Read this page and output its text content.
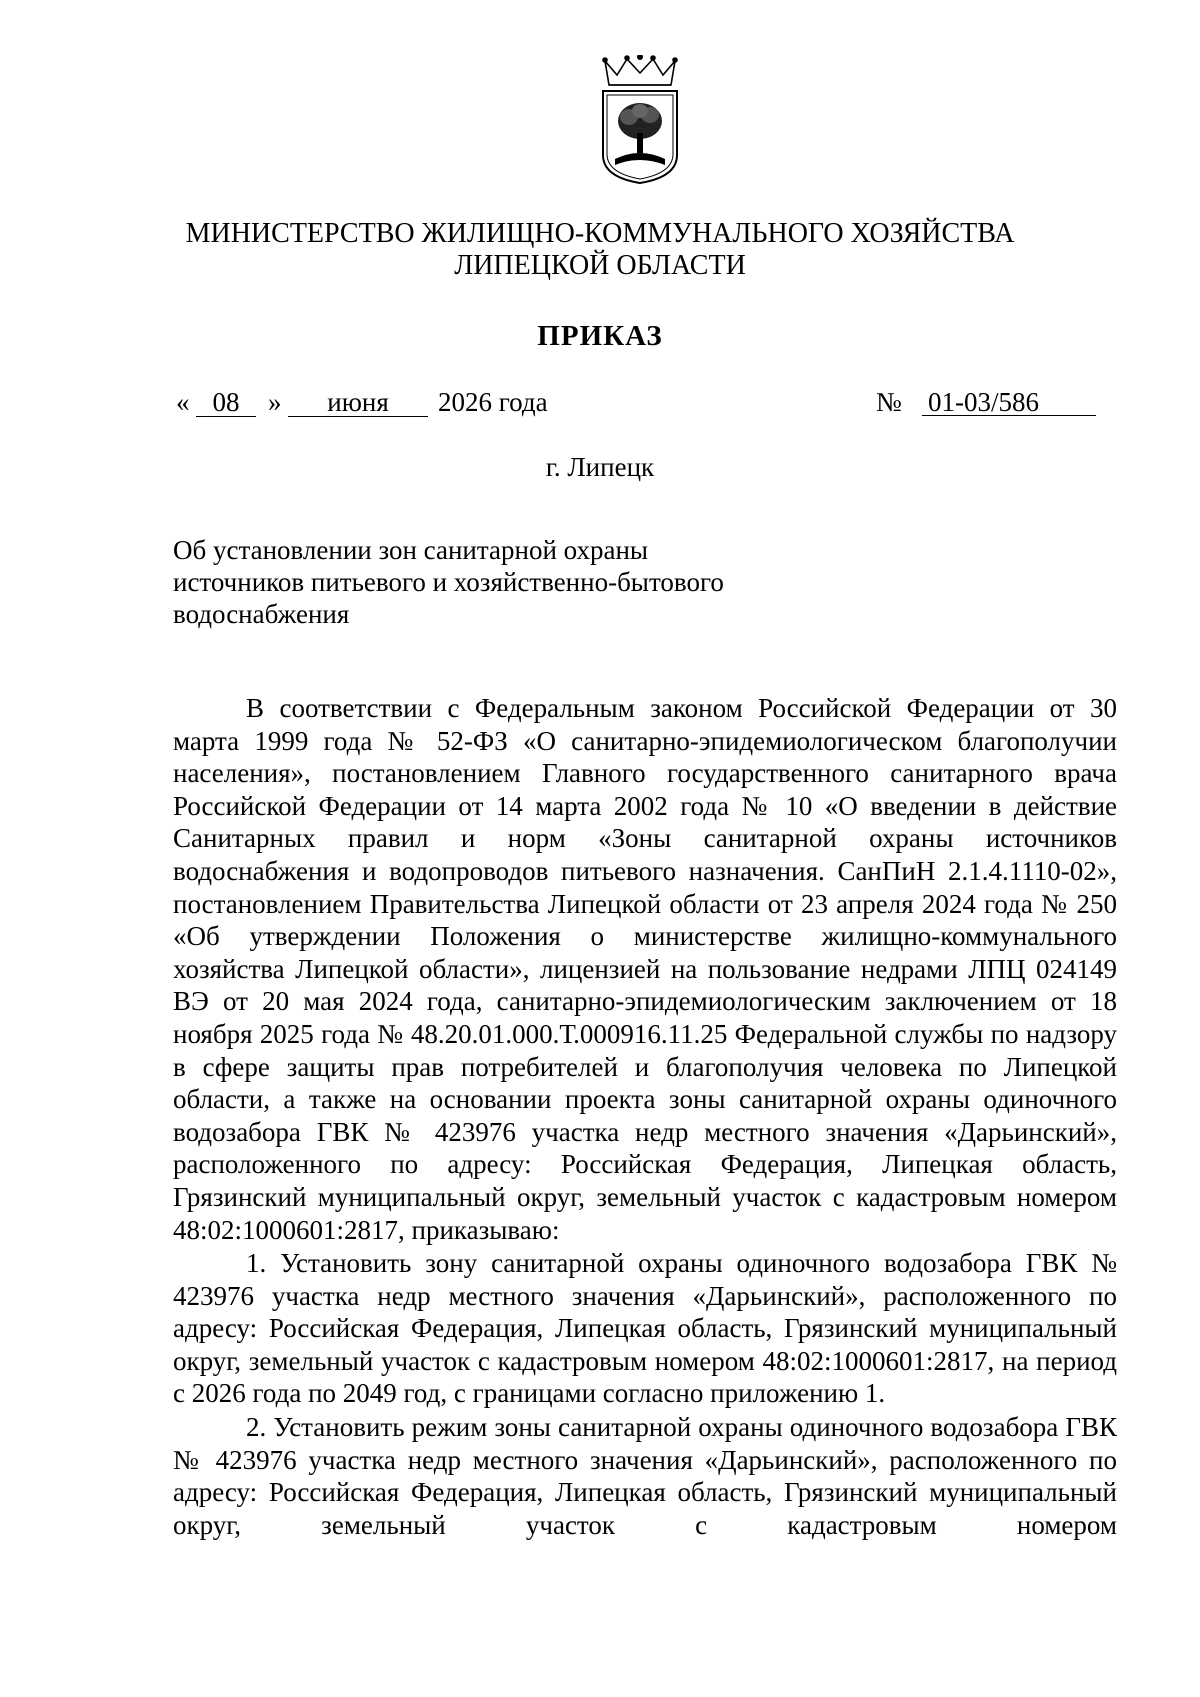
МИНИСТЕРСТВО ЖИЛИЩНО-КОММУНАЛЬНОГО ХОЗЯЙСТВА
ЛИПЕЦКОЙ ОБЛАСТИ
ПРИКАЗ
« 08	»	июня	2026 года	№ 01-03/586
г. Липецк
Об установлении зон санитарной охраны
источников питьевого и хозяйственно-бытового
водоснабжения

В соответствии с Федеральным законом Российской Федерации от 30 марта 1999 года № 52-ФЗ «О санитарно-эпидемиологическом благополучии населения», постановлением Главного государственного санитарного врача Российской Федерации от 14 марта 2002 года № 10 «О введении в действие Санитарных правил и норм «Зоны санитарной охраны источников водоснабжения и водопроводов питьевого назначения. СанПиН 2.1.4.1110-02», постановлением Правительства Липецкой области от 23 апреля 2024 года № 250 «Об утверждении Положения о министерстве жилищно-коммунального хозяйства Липецкой области», лицензией на пользование недрами ЛПЦ 024149 ВЭ от 20 мая 2024 года, санитарно-эпидемиологическим заключением от 18 ноября 2025 года № 48.20.01.000.Т.000916.11.25 Федеральной службы по надзору в сфере защиты прав потребителей и благополучия человека по Липецкой области, а также на основании проекта зоны санитарной охраны одиночного водозабора ГВК № 423976 участка недр местного значения «Дарьинский», расположенного по адресу: Российская Федерация, Липецкая область, Грязинский муниципальный округ, земельный участок с кадастровым номером 48:02:1000601:2817, приказываю:

1. Установить зону санитарной охраны одиночного водозабора ГВК № 423976 участка недр местного значения «Дарьинский», расположенного по адресу: Российская Федерация, Липецкая область, Грязинский муниципальный округ, земельный участок с кадастровым номером 48:02:1000601:2817, на период с 2026 года по 2049 год, с границами согласно приложению 1.

2. Установить режим зоны санитарной охраны одиночного водозабора ГВК № 423976 участка недр местного значения «Дарьинский», расположенного по адресу: Российская Федерация, Липецкая область, Грязинский муниципальный округ, земельный участок с кадастровым номером
